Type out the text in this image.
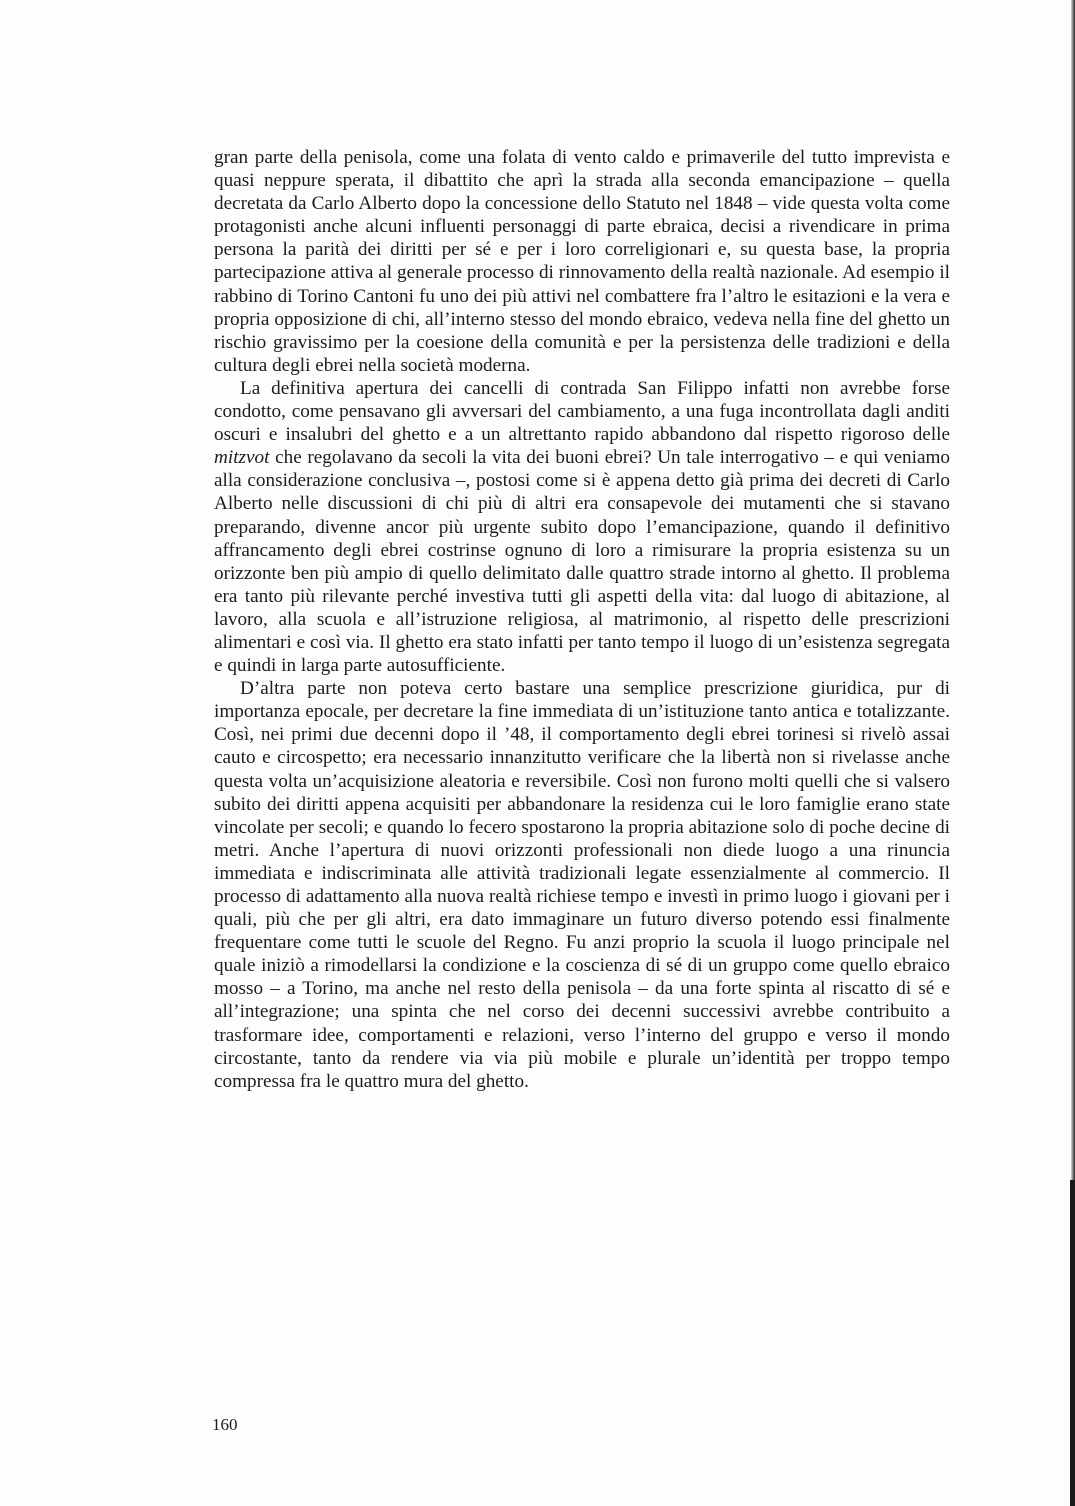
gran parte della penisola, come una folata di vento caldo e primaverile del tutto imprevista e quasi neppure sperata, il dibattito che aprì la strada alla seconda emancipazione – quella decretata da Carlo Alberto dopo la concessione dello Statuto nel 1848 – vide questa volta come protagonisti anche alcuni influenti personaggi di parte ebraica, decisi a rivendicare in prima persona la parità dei diritti per sé e per i loro correligionari e, su questa base, la propria partecipazione attiva al generale processo di rinnovamento della realtà nazionale. Ad esempio il rabbino di Torino Cantoni fu uno dei più attivi nel combattere fra l’altro le esitazioni e la vera e propria opposizione di chi, all’interno stesso del mondo ebraico, vedeva nella fine del ghetto un rischio gravissimo per la coesione della comunità e per la persistenza delle tradizioni e della cultura degli ebrei nella società moderna.

La definitiva apertura dei cancelli di contrada San Filippo infatti non avrebbe forse condotto, come pensavano gli avversari del cambiamento, a una fuga incontrollata dagli anditi oscuri e insalubri del ghetto e a un altrettanto rapido abbandono dal rispetto rigoroso delle mitzvot che regolavano da secoli la vita dei buoni ebrei? Un tale interrogativo – e qui veniamo alla considerazione conclusiva –, postosi come si è appena detto già prima dei decreti di Carlo Alberto nelle discussioni di chi più di altri era consapevole dei mutamenti che si stavano preparando, divenne ancor più urgente subito dopo l’emancipazione, quando il definitivo affrancamento degli ebrei costrinse ognuno di loro a rimisurare la propria esistenza su un orizzonte ben più ampio di quello delimitato dalle quattro strade intorno al ghetto. Il problema era tanto più rilevante perché investiva tutti gli aspetti della vita: dal luogo di abitazione, al lavoro, alla scuola e all’istruzione religiosa, al matrimonio, al rispetto delle prescrizioni alimentari e così via. Il ghetto era stato infatti per tanto tempo il luogo di un’esistenza segregata e quindi in larga parte autosufficiente.

D’altra parte non poteva certo bastare una semplice prescrizione giuridica, pur di importanza epocale, per decretare la fine immediata di un’istituzione tanto antica e totalizzante. Così, nei primi due decenni dopo il ’48, il comportamento degli ebrei torinesi si rivelò assai cauto e circospetto; era necessario innanzitutto verificare che la libertà non si rivelasse anche questa volta un’acquisizione aleatoria e reversibile. Così non furono molti quelli che si valsero subito dei diritti appena acquisiti per abbandonare la residenza cui le loro famiglie erano state vincolate per secoli; e quando lo fecero spostarono la propria abitazione solo di poche decine di metri. Anche l’apertura di nuovi orizzonti professionali non diede luogo a una rinuncia immediata e indiscriminata alle attività tradizionali legate essenzialmente al commercio. Il processo di adattamento alla nuova realtà richiese tempo e investì in primo luogo i giovani per i quali, più che per gli altri, era dato immaginare un futuro diverso potendo essi finalmente frequentare come tutti le scuole del Regno. Fu anzi proprio la scuola il luogo principale nel quale iniziò a rimodellarsi la condizione e la coscienza di sé di un gruppo come quello ebraico mosso – a Torino, ma anche nel resto della penisola – da una forte spinta al riscatto di sé e all’integrazione; una spinta che nel corso dei decenni successivi avrebbe contribuito a trasformare idee, comportamenti e relazioni, verso l’interno del gruppo e verso il mondo circostante, tanto da rendere via via più mobile e plurale un’identità per troppo tempo compressa fra le quattro mura del ghetto.

160
